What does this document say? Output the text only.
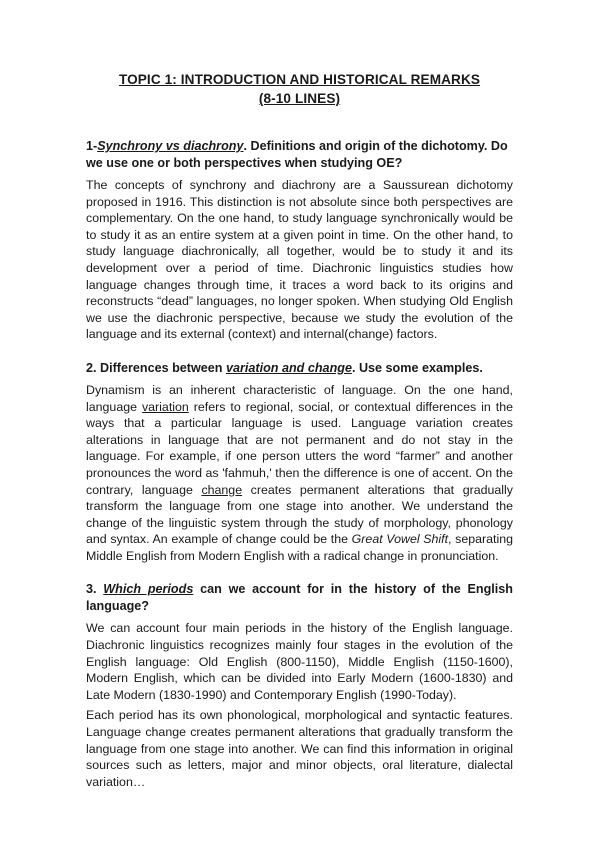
TOPIC 1: INTRODUCTION AND HISTORICAL REMARKS
(8-10 LINES)

1-Synchrony vs diachrony. Definitions and origin of the dichotomy. Do we use one or both perspectives when studying OE?

The concepts of synchrony and diachrony are a Saussurean dichotomy proposed in 1916. This distinction is not absolute since both perspectives are complementary. On the one hand, to study language synchronically would be to study it as an entire system at a given point in time. On the other hand, to study language diachronically, all together, would be to study it and its development over a period of time. Diachronic linguistics studies how language changes through time, it traces a word back to its origins and reconstructs “dead” languages, no longer spoken. When studying Old English we use the diachronic perspective, because we study the evolution of the language and its external (context) and internal(change) factors.

2. Differences between variation and change. Use some examples.

Dynamism is an inherent characteristic of language. On the one hand, language variation refers to regional, social, or contextual differences in the ways that a particular language is used. Language variation creates alterations in language that are not permanent and do not stay in the language. For example, if one person utters the word “farmer” and another pronounces the word as 'fahmuh,' then the difference is one of accent. On the contrary, language change creates permanent alterations that gradually transform the language from one stage into another. We understand the change of the linguistic system through the study of morphology, phonology and syntax. An example of change could be the Great Vowel Shift, separating Middle English from Modern English with a radical change in pronunciation.

3. Which periods can we account for in the history of the English language?

We can account four main periods in the history of the English language. Diachronic linguistics recognizes mainly four stages in the evolution of the English language: Old English (800-1150), Middle English (1150-1600), Modern English, which can be divided into Early Modern (1600-1830) and Late Modern (1830-1990) and Contemporary English (1990-Today).

Each period has its own phonological, morphological and syntactic features. Language change creates permanent alterations that gradually transform the language from one stage into another. We can find this information in original sources such as letters, major and minor objects, oral literature, dialectal variation…
